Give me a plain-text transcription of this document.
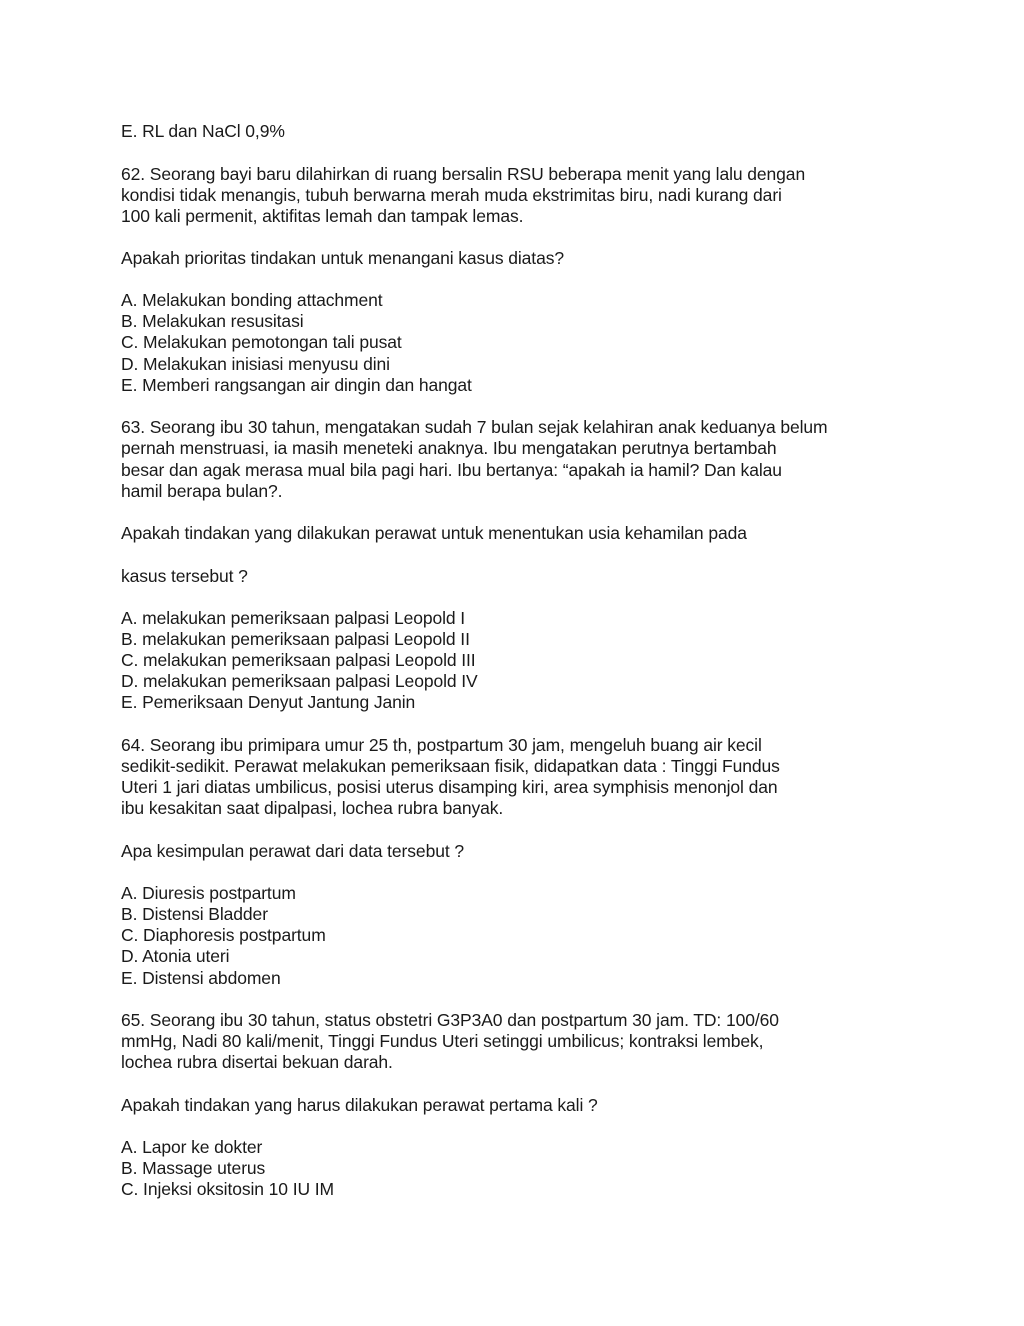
E. RL dan NaCl 0,9%
62. Seorang bayi baru dilahirkan di ruang bersalin RSU beberapa menit yang lalu dengan
kondisi tidak menangis, tubuh berwarna merah muda ekstrimitas biru, nadi kurang dari
100 kali permenit, aktifitas lemah dan tampak lemas.
Apakah prioritas tindakan untuk menangani kasus diatas?
A. Melakukan bonding attachment
B. Melakukan resusitasi
C. Melakukan pemotongan tali pusat
D. Melakukan inisiasi menyusu dini
E. Memberi rangsangan air dingin dan hangat
63. Seorang ibu 30 tahun, mengatakan sudah 7 bulan sejak kelahiran anak keduanya belum
pernah menstruasi, ia masih meneteki anaknya. Ibu mengatakan perutnya bertambah
besar dan agak merasa mual bila pagi hari. Ibu bertanya: “apakah ia hamil? Dan kalau
hamil berapa bulan?.
Apakah tindakan yang dilakukan perawat untuk menentukan usia kehamilan pada
kasus tersebut ?
A. melakukan pemeriksaan palpasi Leopold I
B. melakukan pemeriksaan palpasi Leopold II
C. melakukan pemeriksaan palpasi Leopold III
D. melakukan pemeriksaan palpasi Leopold IV
E. Pemeriksaan Denyut Jantung Janin
64. Seorang ibu primipara umur 25 th, postpartum 30 jam, mengeluh buang air kecil
sedikit-sedikit. Perawat melakukan pemeriksaan fisik, didapatkan data : Tinggi Fundus
Uteri 1 jari diatas umbilicus, posisi uterus disamping kiri, area symphisis menonjol dan
ibu kesakitan saat dipalpasi, lochea rubra banyak.
Apa kesimpulan perawat dari data tersebut ?
A. Diuresis postpartum
B. Distensi Bladder
C. Diaphoresis postpartum
D. Atonia uteri
E. Distensi abdomen
65. Seorang ibu 30 tahun, status obstetri G3P3A0 dan postpartum 30 jam. TD: 100/60
mmHg, Nadi 80 kali/menit, Tinggi Fundus Uteri setinggi umbilicus; kontraksi lembek,
lochea rubra disertai bekuan darah.
Apakah tindakan yang harus dilakukan perawat pertama kali ?
A. Lapor ke dokter
B. Massage uterus
C. Injeksi oksitosin 10 IU IM
